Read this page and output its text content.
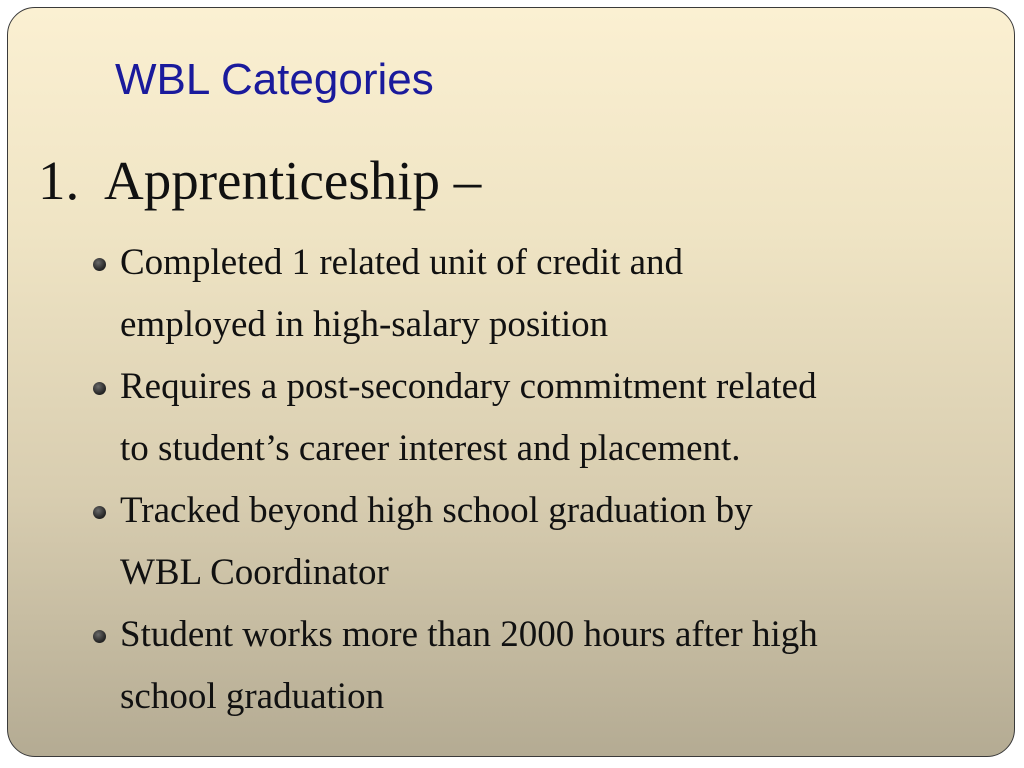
WBL Categories
1. Apprenticeship –
Completed 1 related unit of credit and
employed in high-salary position
Requires a post-secondary commitment related
to student’s career interest and placement.
Tracked beyond high school graduation by
WBL Coordinator
Student works more than 2000 hours after high
school graduation
